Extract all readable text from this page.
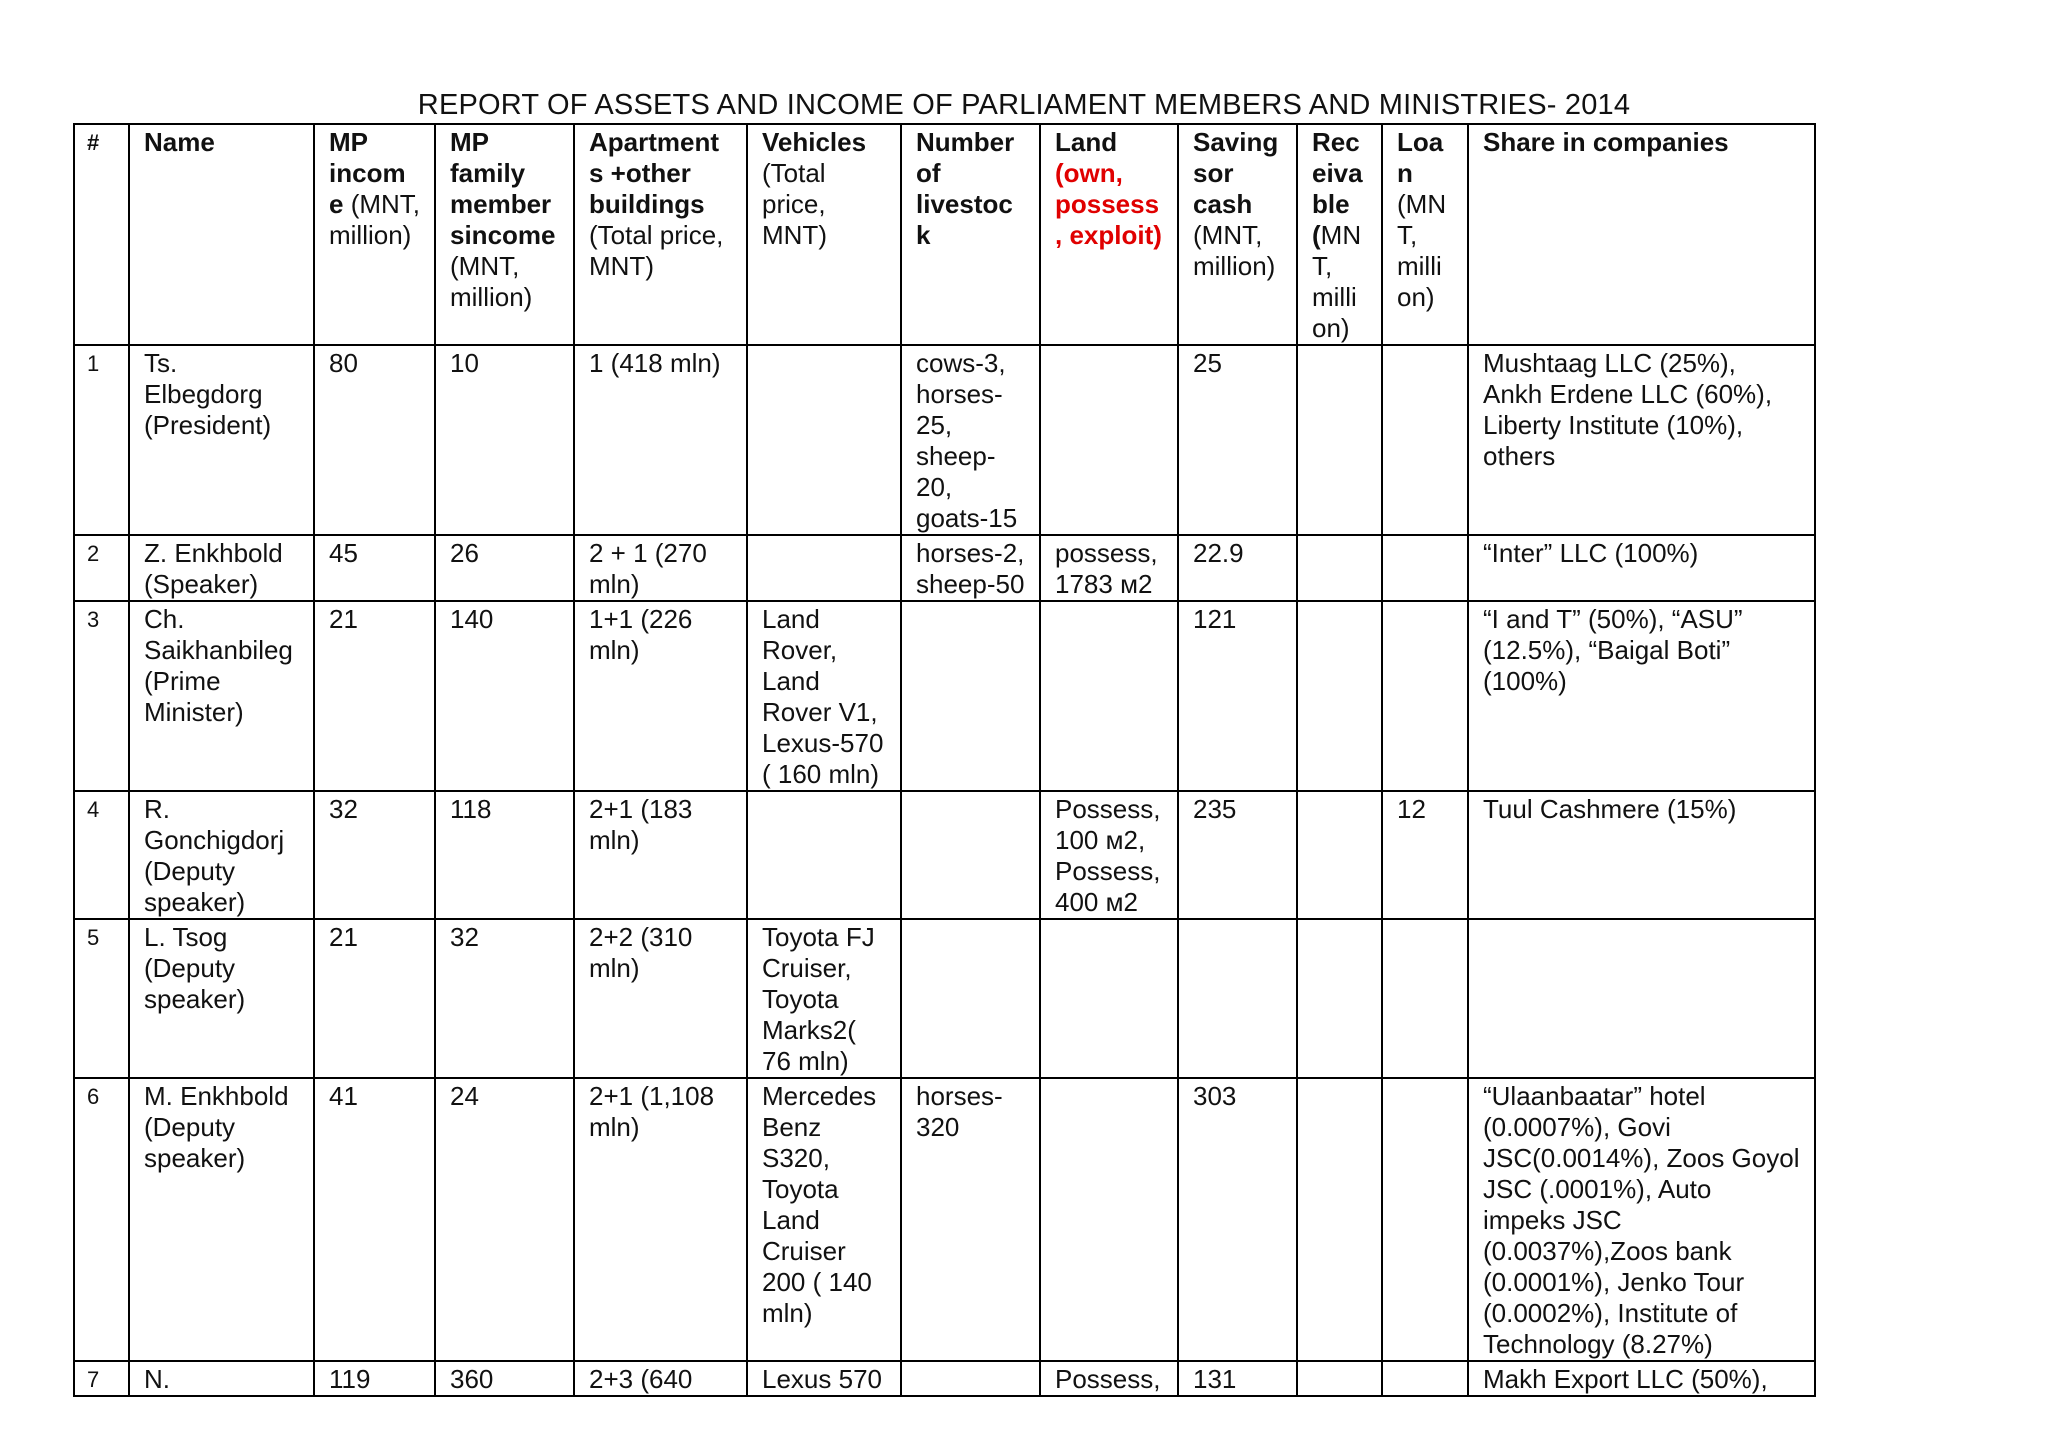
REPORT OF ASSETS AND INCOME OF PARLIAMENT MEMBERS AND MINISTRIES- 2014
#	Name	MP income (MNT, million)	MP family member sincome (MNT, million)	Apartments +other buildings (Total price, MNT)	Vehicles (Total price, MNT)	Number of livestock	Land (own, possess, exploit)	Saving sor cash (MNT, million)	Receivable (MNT, million)	Loan (MNT, million)	Share in companies
1	Ts. Elbegdorg (President)	80	10	1 (418 mln)		cows-3, horses-25, sheep-20, goats-15		25			Mushtaag LLC (25%), Ankh Erdene LLC (60%), Liberty Institute (10%), others
2	Z. Enkhbold (Speaker)	45	26	2 + 1 (270 mln)		horses-2, sheep-50	possess, 1783 м2	22.9			“Inter” LLC (100%)
3	Ch. Saikhanbileg (Prime Minister)	21	140	1+1 (226 mln)	Land Rover, Land Rover V1, Lexus-570 ( 160 mln)			121			“I and T” (50%), “ASU” (12.5%), “Baigal Boti” (100%)
4	R. Gonchigdorj (Deputy speaker)	32	118	2+1 (183 mln)			Possess, 100 м2, Possess, 400 м2	235		12	Tuul Cashmere (15%)
5	L. Tsog (Deputy speaker)	21	32	2+2 (310 mln)	Toyota FJ Cruiser, Toyota Marks2( 76 mln)						
6	M. Enkhbold (Deputy speaker)	41	24	2+1 (1,108 mln)	Mercedes Benz S320, Toyota Land Cruiser 200 ( 140 mln)	horses-320		303			“Ulaanbaatar” hotel (0.0007%), Govi JSC(0.0014%), Zoos Goyol JSC (.0001%), Auto impeks JSC (0.0037%),Zoos bank (0.0001%), Jenko Tour (0.0002%), Institute of Technology (8.27%)
7	N.	119	360	2+3 (640	Lexus 570		Possess,	131			Makh Export LLC (50%),
